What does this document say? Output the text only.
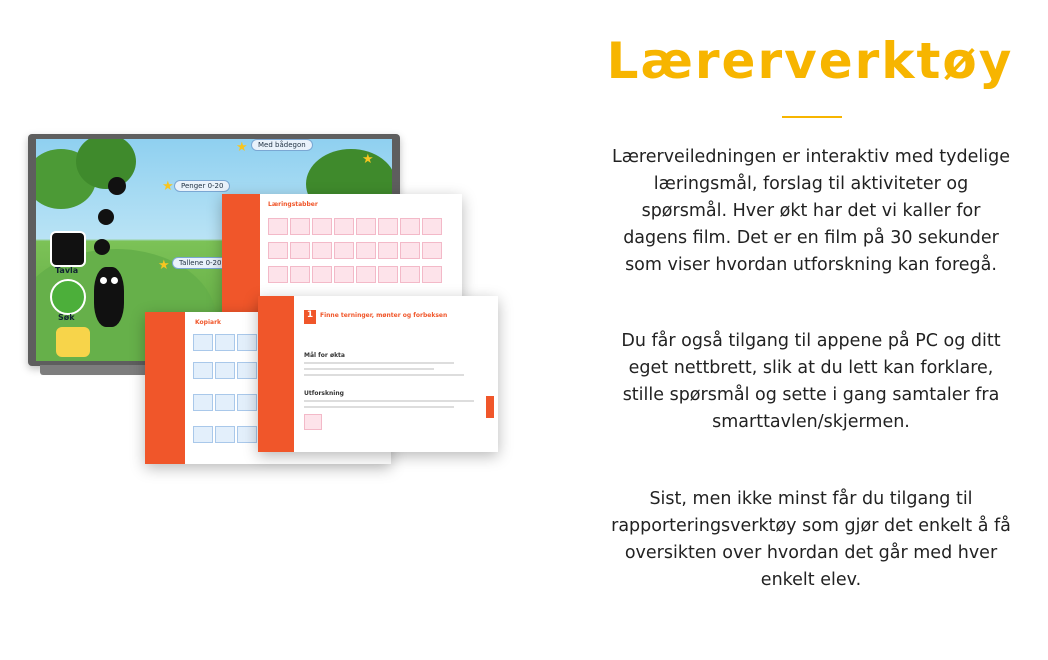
Lærerverktøy
Lærerveiledningen er interaktiv med tydelige læringsmål, forslag til aktiviteter og spørsmål. Hver økt har det vi kaller for dagens film. Det er en film på 30 sekunder som viser hvordan utforskning kan foregå.
Du får også tilgang til appene på PC og ditt eget nettbrett, slik at du lett kan forklare, stille spørsmål og sette i gang samtaler fra smarttavlen/skjermen.
Sist, men ikke minst får du tilgang til rapporteringsverktøy som gjør det enkelt å få oversikten over hvordan det går med hver enkelt elev.
★	Med bådegon
★
Penger 0-20
★
Tallene 0-20
★
Tavla
Søk
Læringstabber
Kopiark
1	Finne terninger, mønter og forbeksen
Mål for økta
Utforskning
